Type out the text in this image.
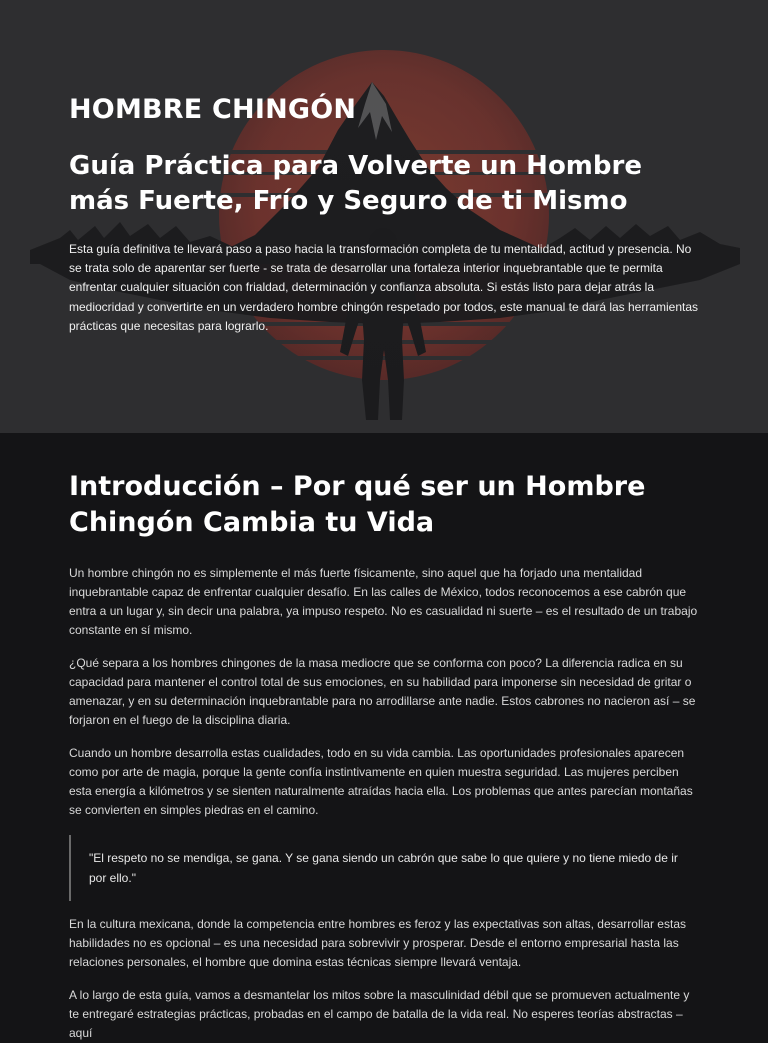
HOMBRE CHINGÓN
Guía Práctica para Volverte un Hombre más Fuerte, Frío y Seguro de ti Mismo

Esta guía definitiva te llevará paso a paso hacia la transformación completa de tu mentalidad, actitud y presencia. No se trata solo de aparentar ser fuerte - se trata de desarrollar una fortaleza interior inquebrantable que te permita enfrentar cualquier situación con frialdad, determinación y confianza absoluta. Si estás listo para dejar atrás la mediocridad y convertirte en un verdadero hombre chingón respetado por todos, este manual te dará las herramientas prácticas que necesitas para lograrlo.

Introducción – Por qué ser un Hombre Chingón Cambia tu Vida

Un hombre chingón no es simplemente el más fuerte físicamente, sino aquel que ha forjado una mentalidad inquebrantable capaz de enfrentar cualquier desafío. En las calles de México, todos reconocemos a ese cabrón que entra a un lugar y, sin decir una palabra, ya impuso respeto. No es casualidad ni suerte – es el resultado de un trabajo constante en sí mismo.

¿Qué separa a los hombres chingones de la masa mediocre que se conforma con poco? La diferencia radica en su capacidad para mantener el control total de sus emociones, en su habilidad para imponerse sin necesidad de gritar o amenazar, y en su determinación inquebrantable para no arrodillarse ante nadie. Estos cabrones no nacieron así – se forjaron en el fuego de la disciplina diaria.

Cuando un hombre desarrolla estas cualidades, todo en su vida cambia. Las oportunidades profesionales aparecen como por arte de magia, porque la gente confía instintivamente en quien muestra seguridad. Las mujeres perciben esta energía a kilómetros y se sienten naturalmente atraídas hacia ella. Los problemas que antes parecían montañas se convierten en simples piedras en el camino.

"El respeto no se mendiga, se gana. Y se gana siendo un cabrón que sabe lo que quiere y no tiene miedo de ir por ello."

En la cultura mexicana, donde la competencia entre hombres es feroz y las expectativas son altas, desarrollar estas habilidades no es opcional – es una necesidad para sobrevivir y prosperar. Desde el entorno empresarial hasta las relaciones personales, el hombre que domina estas técnicas siempre llevará ventaja.

A lo largo de esta guía, vamos a desmantelar los mitos sobre la masculinidad débil que se promueven actualmente y te entregaré estrategias prácticas, probadas en el campo de batalla de la vida real. No esperes teorías abstractas – aquí
